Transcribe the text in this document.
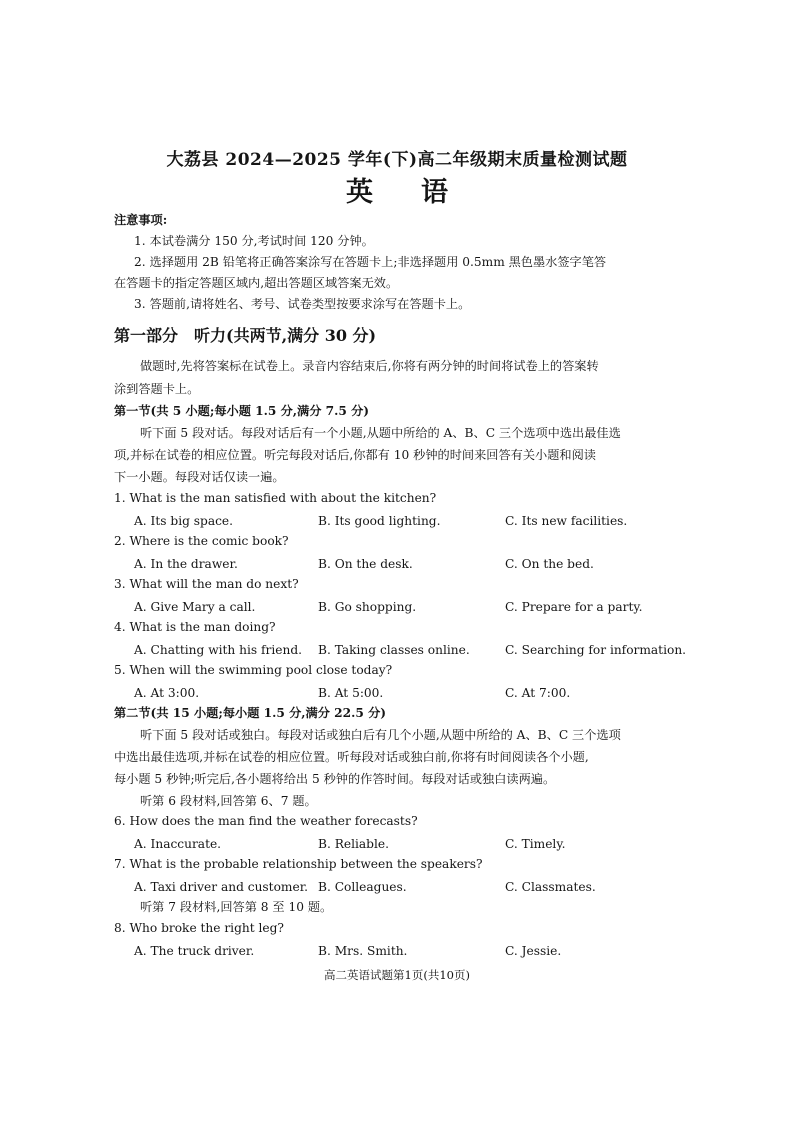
大荔县 2024—2025 学年(下)高二年级期末质量检测试题
英语
注意事项:
1. 本试卷满分 150 分,考试时间 120 分钟。
2. 选择题用 2B 铅笔将正确答案涂写在答题卡上;非选择题用 0.5mm 黑色墨水签字笔答
在答题卡的指定答题区域内,超出答题区域答案无效。
3. 答题前,请将姓名、考号、试卷类型按要求涂写在答题卡上。
第一部分　听力(共两节,满分 30 分)
做题时,先将答案标在试卷上。录音内容结束后,你将有两分钟的时间将试卷上的答案转
涂到答题卡上。
第一节(共 5 小题;每小题 1.5 分,满分 7.5 分)
听下面 5 段对话。每段对话后有一个小题,从题中所给的 A、B、C 三个选项中选出最佳选
项,并标在试卷的相应位置。听完每段对话后,你都有 10 秒钟的时间来回答有关小题和阅读
下一小题。每段对话仅读一遍。
1. What is the man satisfied with about the kitchen?
A. Its big space.	B. Its good lighting.	C. Its new facilities.
2. Where is the comic book?
A. In the drawer.	B. On the desk.	C. On the bed.
3. What will the man do next?
A. Give Mary a call.	B. Go shopping.	C. Prepare for a party.
4. What is the man doing?
A. Chatting with his friend. B. Taking classes online.	C. Searching for information.
5. When will the swimming pool close today?
A. At 3:00.	B. At 5:00.	C. At 7:00.
第二节(共 15 小题;每小题 1.5 分,满分 22.5 分)
听下面 5 段对话或独白。每段对话或独白后有几个小题,从题中所给的 A、B、C 三个选项
中选出最佳选项,并标在试卷的相应位置。听每段对话或独白前,你将有时间阅读各个小题,
每小题 5 秒钟;听完后,各小题将给出 5 秒钟的作答时间。每段对话或独白读两遍。
听第 6 段材料,回答第 6、7 题。
6. How does the man find the weather forecasts?
A. Inaccurate.	B. Reliable.	C. Timely.
7. What is the probable relationship between the speakers?
A. Taxi driver and customer. B. Colleagues.	C. Classmates.
听第 7 段材料,回答第 8 至 10 题。
8. Who broke the right leg?
A. The truck driver.	B. Mrs. Smith.	C. Jessie.
高二英语试题第1页(共10页)
